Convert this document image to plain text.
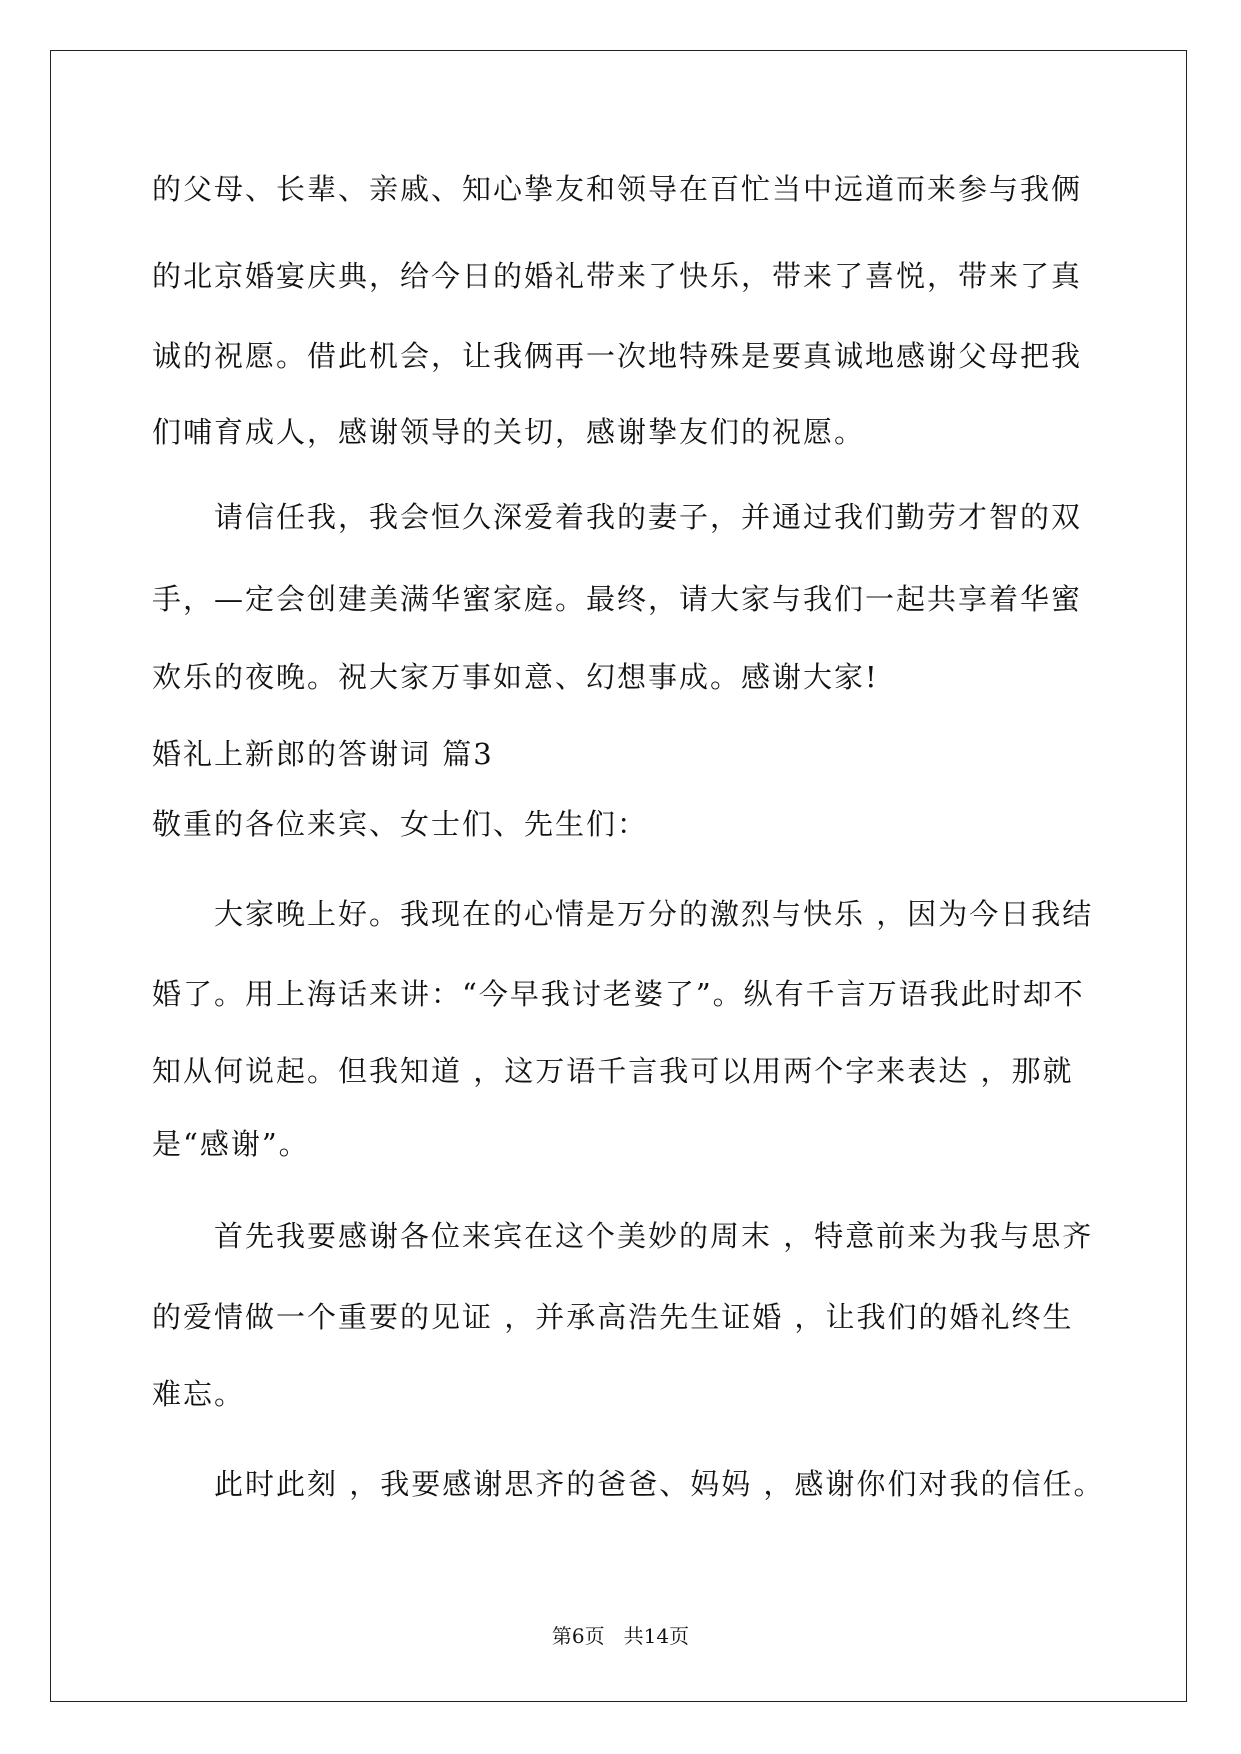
的父母、长辈、亲戚、知心挚友和领导在百忙当中远道而来参与我俩
的北京婚宴庆典，给今日的婚礼带来了快乐，带来了喜悦，带来了真
诚的祝愿。借此机会，让我俩再一次地特殊是要真诚地感谢父母把我
们哺育成人，感谢领导的关切，感谢挚友们的祝愿。
请信任我，我会恒久深爱着我的妻子，并通过我们勤劳才智的双
手，—定会创建美满华蜜家庭。最终，请大家与我们一起共享着华蜜
欢乐的夜晚。祝大家万事如意、幻想事成。感谢大家!
婚礼上新郎的答谢词 篇3
敬重的各位来宾、女士们、先生们：
大家晚上好。我现在的心情是万分的激烈与快乐 ，因为今日我结
婚了。用上海话来讲：“今早我讨老婆了”。纵有千言万语我此时却不
知从何说起。但我知道 ，这万语千言我可以用两个字来表达 ，那就
是“感谢”。
首先我要感谢各位来宾在这个美妙的周末 ，特意前来为我与思齐
的爱情做一个重要的见证 ，并承高浩先生证婚 ，让我们的婚礼终生
难忘。
此时此刻 ，我要感谢思齐的爸爸、妈妈 ，感谢你们对我的信任。
第6页   共14页
